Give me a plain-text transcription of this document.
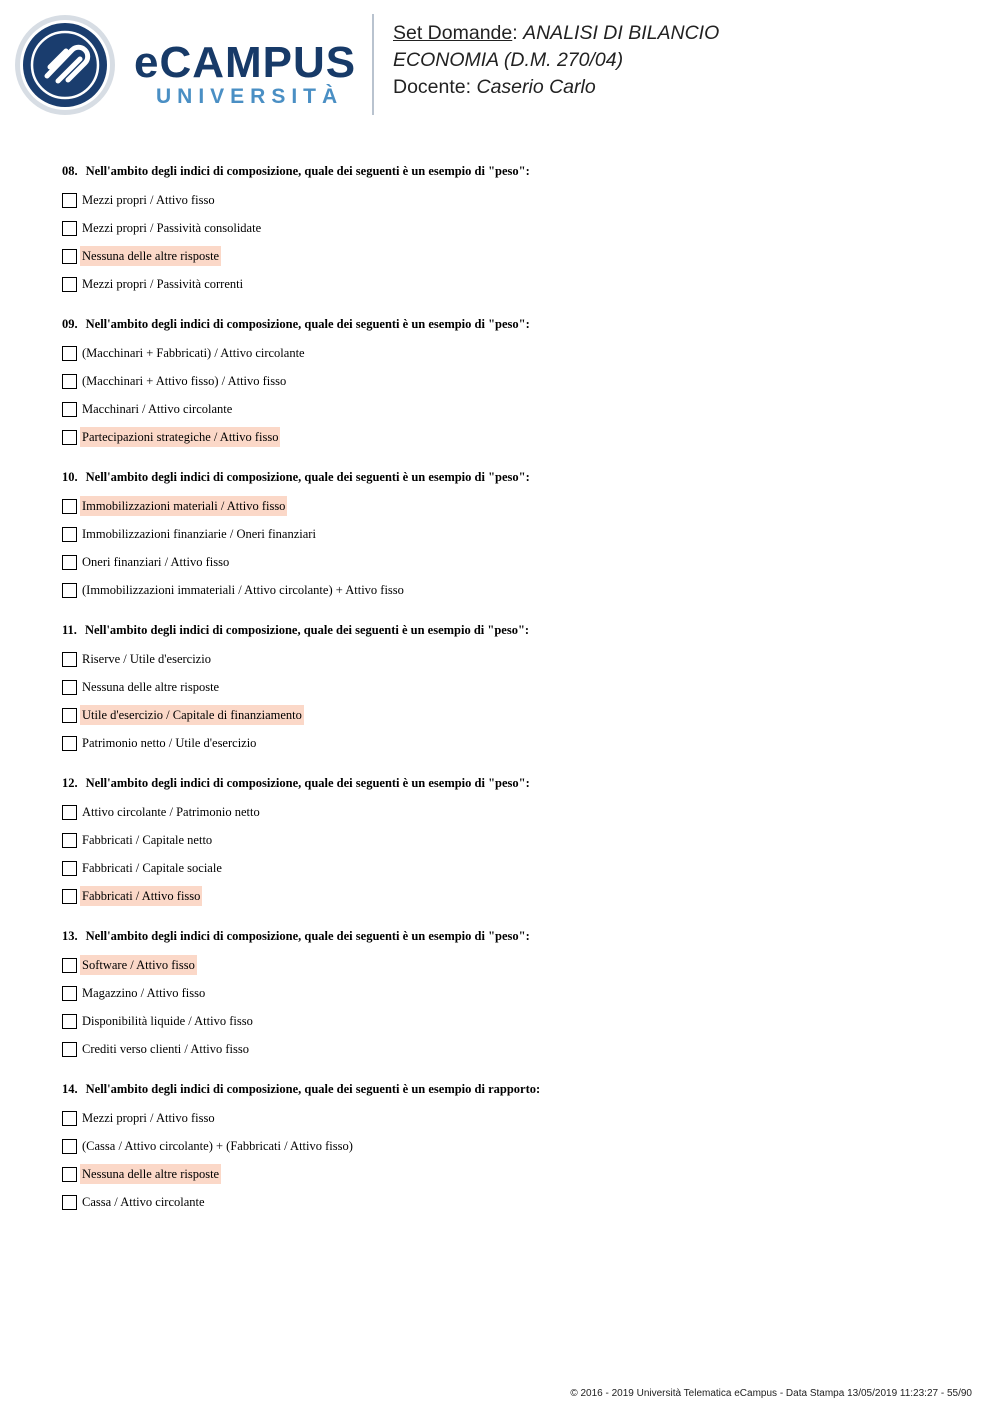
eCAMPUS
UNIVERSITÀ
Set Domande: ANALISI DI BILANCIO
ECONOMIA (D.M. 270/04)
Docente: Caserio Carlo
08. Nell'ambito degli indici di composizione, quale dei seguenti è un esempio di "peso":
Mezzi propri / Attivo fisso
Mezzi propri / Passività consolidate
Nessuna delle altre risposte
Mezzi propri / Passività correnti
09. Nell'ambito degli indici di composizione, quale dei seguenti è un esempio di "peso":
(Macchinari + Fabbricati) / Attivo circolante
(Macchinari + Attivo fisso) / Attivo fisso
Macchinari / Attivo circolante
Partecipazioni strategiche / Attivo fisso
10. Nell'ambito degli indici di composizione, quale dei seguenti è un esempio di "peso":
Immobilizzazioni materiali / Attivo fisso
Immobilizzazioni finanziarie / Oneri finanziari
Oneri finanziari / Attivo fisso
(Immobilizzazioni immateriali / Attivo circolante) + Attivo fisso
11. Nell'ambito degli indici di composizione, quale dei seguenti è un esempio di "peso":
Riserve / Utile d'esercizio
Nessuna delle altre risposte
Utile d'esercizio / Capitale di finanziamento
Patrimonio netto / Utile d'esercizio
12. Nell'ambito degli indici di composizione, quale dei seguenti è un esempio di "peso":
Attivo circolante / Patrimonio netto
Fabbricati / Capitale netto
Fabbricati / Capitale sociale
Fabbricati / Attivo fisso
13. Nell'ambito degli indici di composizione, quale dei seguenti è un esempio di "peso":
Software / Attivo fisso
Magazzino / Attivo fisso
Disponibilità liquide / Attivo fisso
Crediti verso clienti / Attivo fisso
14. Nell'ambito degli indici di composizione, quale dei seguenti è un esempio di rapporto:
Mezzi propri / Attivo fisso
(Cassa / Attivo circolante) + (Fabbricati / Attivo fisso)
Nessuna delle altre risposte
Cassa / Attivo circolante
© 2016 - 2019 Università Telematica eCampus - Data Stampa 13/05/2019 11:23:27 - 55/90
